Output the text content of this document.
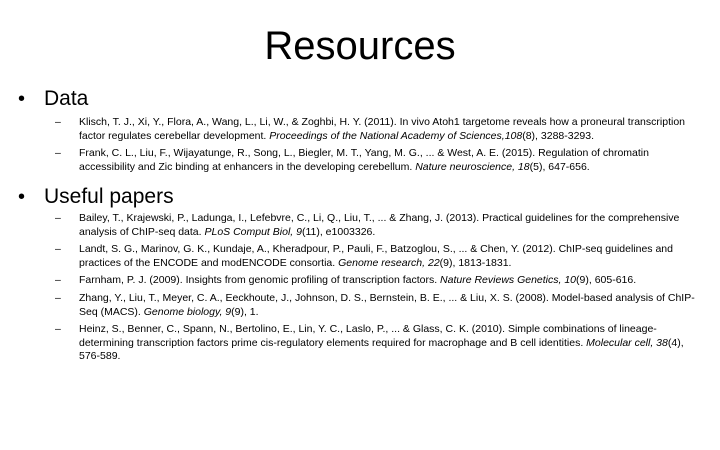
Resources
• Data
– Klisch, T. J., Xi, Y., Flora, A., Wang, L., Li, W., & Zoghbi, H. Y. (2011). In vivo Atoh1 targetome reveals how a proneural transcription factor regulates cerebellar development. Proceedings of the National Academy of Sciences,108(8), 3288-3293.
– Frank, C. L., Liu, F., Wijayatunge, R., Song, L., Biegler, M. T., Yang, M. G., ... & West, A. E. (2015). Regulation of chromatin accessibility and Zic binding at enhancers in the developing cerebellum. Nature neuroscience, 18(5), 647-656.
• Useful papers
– Bailey, T., Krajewski, P., Ladunga, I., Lefebvre, C., Li, Q., Liu, T., ... & Zhang, J. (2013). Practical guidelines for the comprehensive analysis of ChIP-seq data. PLoS Comput Biol, 9(11), e1003326.
– Landt, S. G., Marinov, G. K., Kundaje, A., Kheradpour, P., Pauli, F., Batzoglou, S., ... & Chen, Y. (2012). ChIP-seq guidelines and practices of the ENCODE and modENCODE consortia. Genome research, 22(9), 1813-1831.
– Farnham, P. J. (2009). Insights from genomic profiling of transcription factors. Nature Reviews Genetics, 10(9), 605-616.
– Zhang, Y., Liu, T., Meyer, C. A., Eeckhoute, J., Johnson, D. S., Bernstein, B. E., ... & Liu, X. S. (2008). Model-based analysis of ChIP-Seq (MACS). Genome biology, 9(9), 1.
– Heinz, S., Benner, C., Spann, N., Bertolino, E., Lin, Y. C., Laslo, P., ... & Glass, C. K. (2010). Simple combinations of lineage-determining transcription factors prime cis-regulatory elements required for macrophage and B cell identities. Molecular cell, 38(4), 576-589.
